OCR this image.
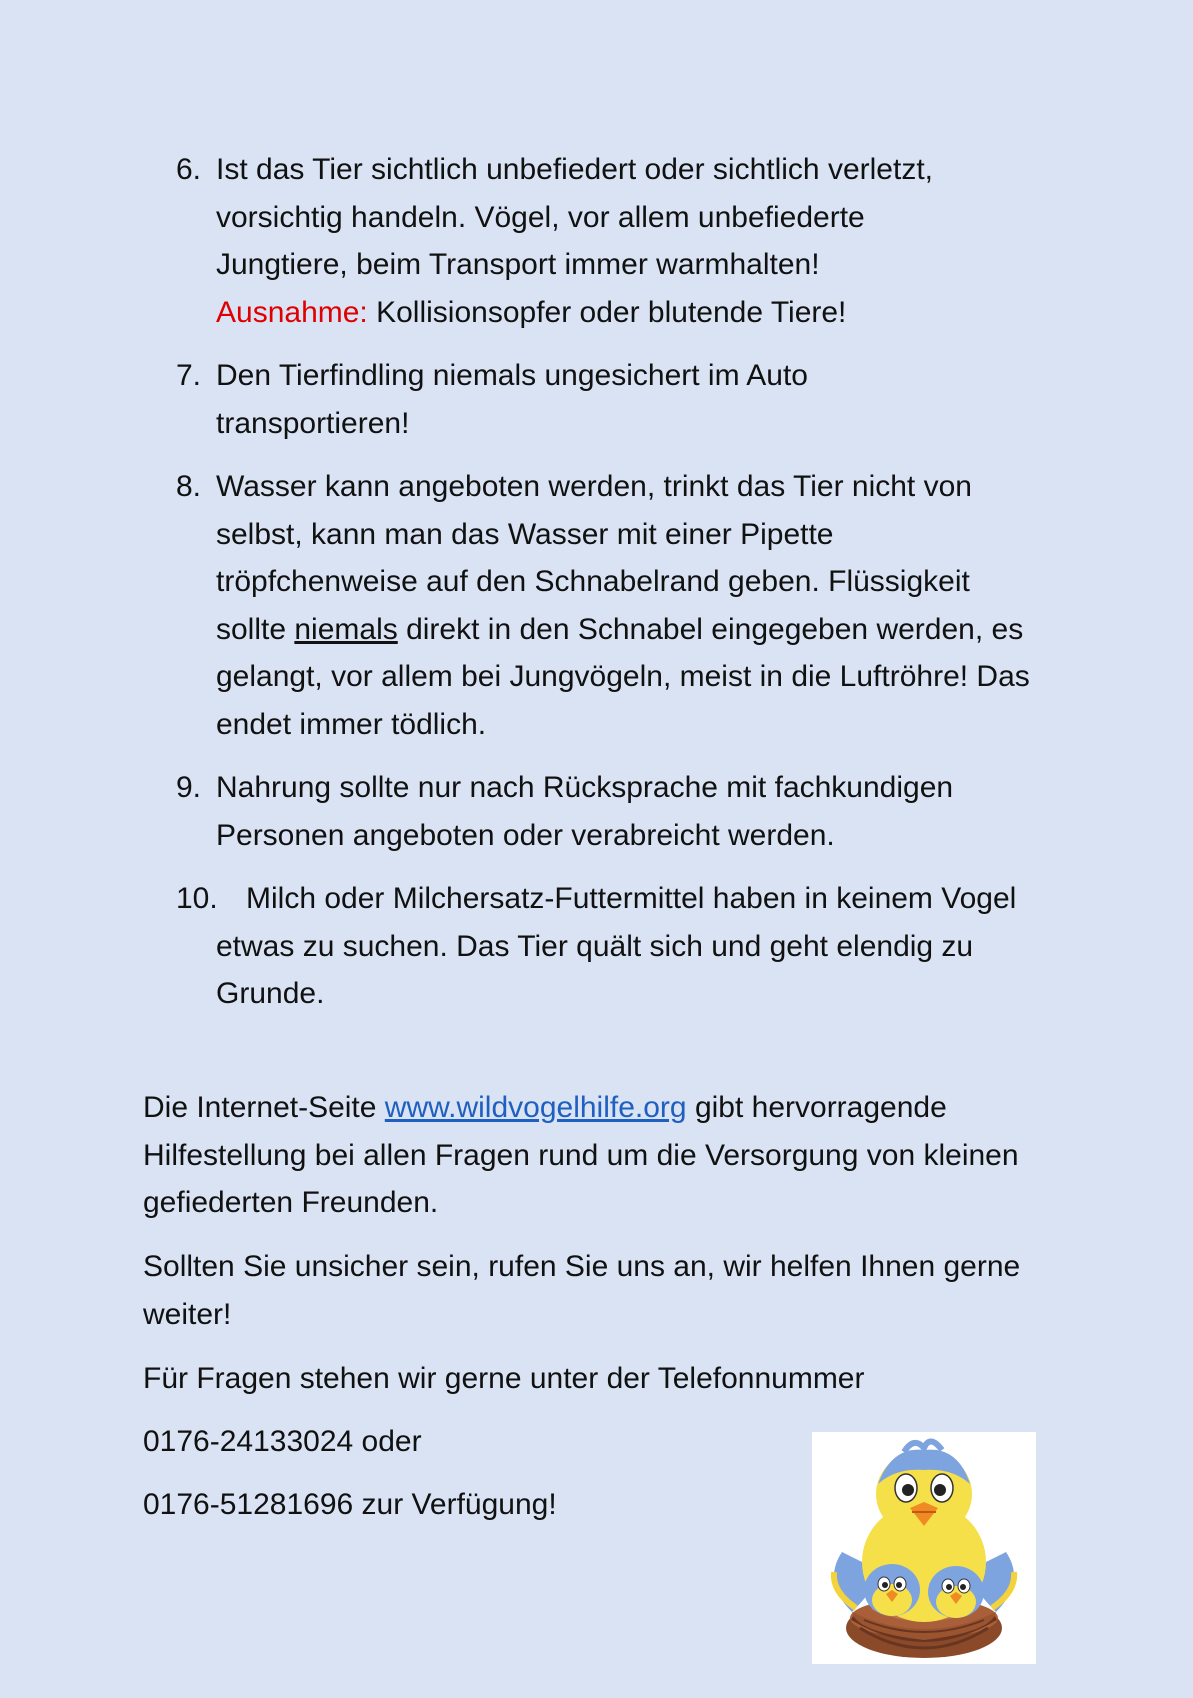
6. Ist das Tier sichtlich unbefiedert oder sichtlich verletzt, vorsichtig handeln. Vögel, vor allem unbefiederte Jungtiere, beim Transport immer warmhalten! Ausnahme: Kollisionsopfer oder blutende Tiere!
7. Den Tierfindling niemals ungesichert im Auto transportieren!
8. Wasser kann angeboten werden, trinkt das Tier nicht von selbst, kann man das Wasser mit einer Pipette tröpfchenweise auf den Schnabelrand geben. Flüssigkeit sollte niemals direkt in den Schnabel eingegeben werden, es gelangt, vor allem bei Jungvögeln, meist in die Luftröhre! Das endet immer tödlich.
9. Nahrung sollte nur nach Rücksprache mit fachkundigen Personen angeboten oder verabreicht werden.
10. Milch oder Milchersatz-Futtermittel haben in keinem Vogel etwas zu suchen. Das Tier quält sich und geht elendig zu Grunde.

Die Internet-Seite www.wildvogelhilfe.org gibt hervorragende Hilfestellung bei allen Fragen rund um die Versorgung von kleinen gefiederten Freunden.

Sollten Sie unsicher sein, rufen Sie uns an, wir helfen Ihnen gerne weiter!

Für Fragen stehen wir gerne unter der Telefonnummer

0176-24133024 oder

0176-51281696 zur Verfügung!
